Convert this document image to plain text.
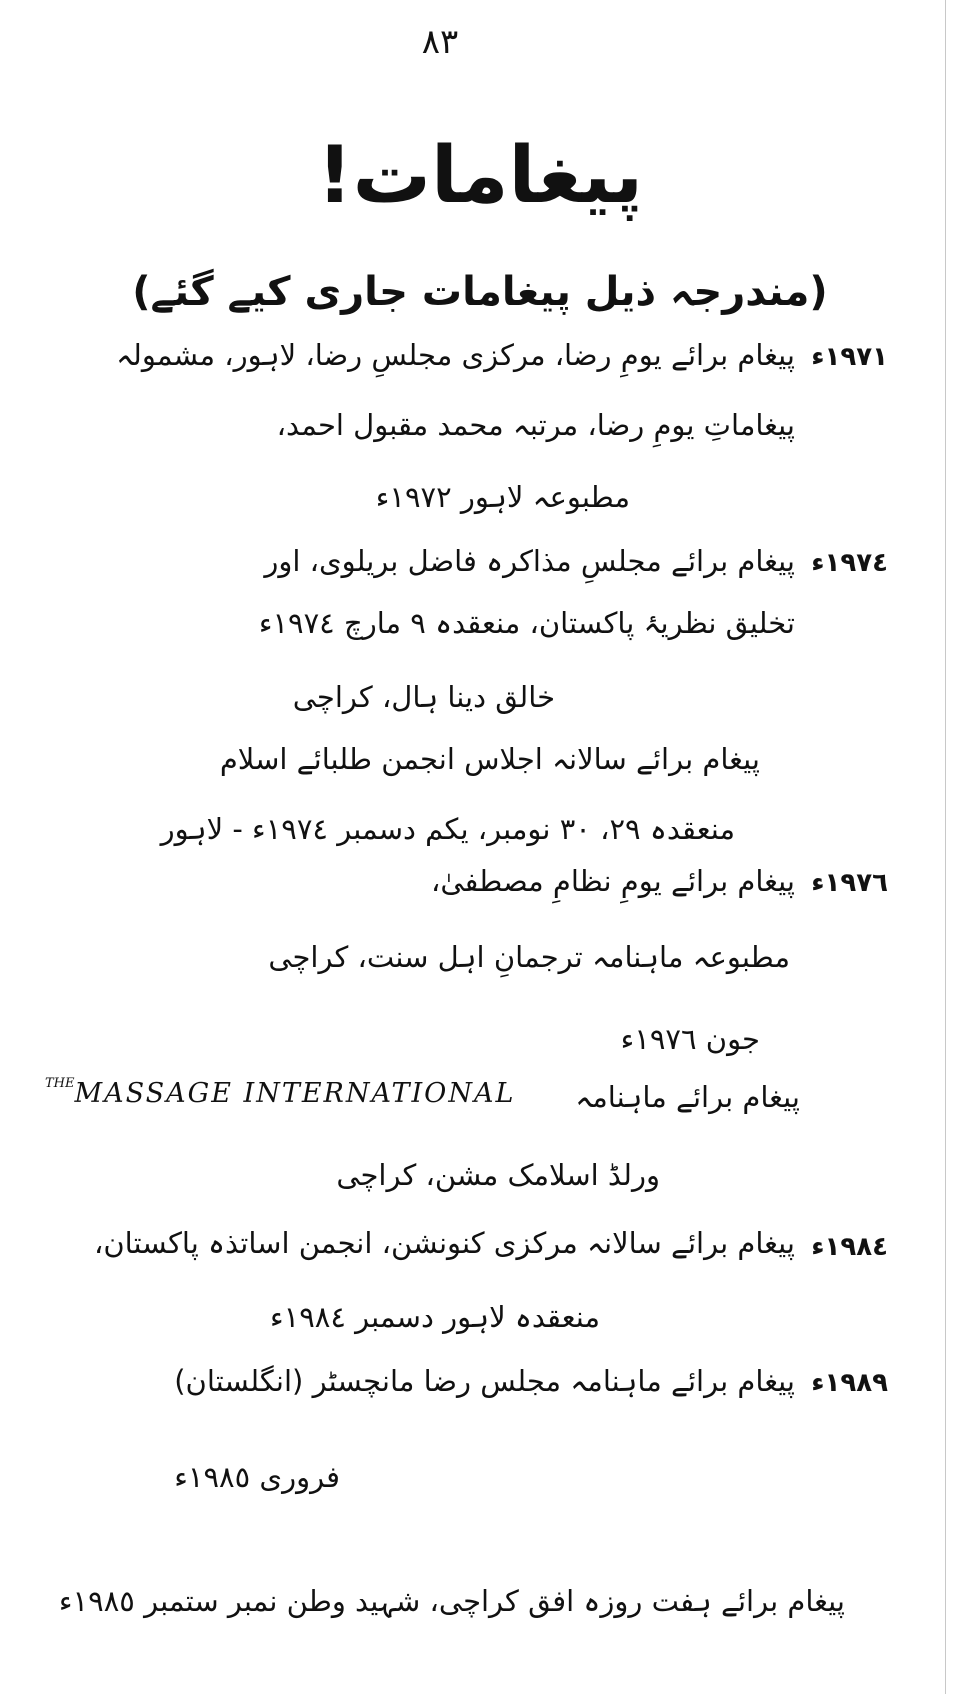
٨٣
پیغامات!
(مندرجہ ذیل پیغامات جاری کیے گئے)
١٩٧١ء
پیغام برائے یومِ رضا، مرکزی مجلسِ رضا، لاہور، مشمولہ
پیغاماتِ یومِ رضا، مرتبہ محمد مقبول احمد،
مطبوعہ لاہور ١٩٧٢ء
١٩٧٤ء
پیغام برائے مجلسِ مذاکرہ فاضل بریلوی، اور
تخلیق نظریۂ پاکستان، منعقدہ ٩ مارچ ١٩٧٤ء
خالق دینا ہال، کراچی
پیغام برائے سالانہ اجلاس انجمن طلبائے اسلام
منعقدہ ٢٩، ٣٠ نومبر، یکم دسمبر ١٩٧٤ء - لاہور
١٩٧٦ء
پیغام برائے یومِ نظامِ مصطفیٰ،
مطبوعہ ماہنامہ ترجمانِ اہل سنت، کراچی
جون ١٩٧٦ء
پیغام برائے ماہنامہ
$^{THE}$MASSAGE INTERNATIONAL
ورلڈ اسلامک مشن، کراچی
١٩٨٤ء
پیغام برائے سالانہ مرکزی کنونشن، انجمن اساتذہ پاکستان،
منعقدہ لاہور دسمبر ١٩٨٤ء
١٩٨٩ء
پیغام برائے ماہنامہ مجلس رضا مانچسٹر (انگلستان)
فروری ١٩٨٥ء
پیغام برائے ہفت روزہ افق کراچی، شہید وطن نمبر ستمبر ١٩٨٥ء
